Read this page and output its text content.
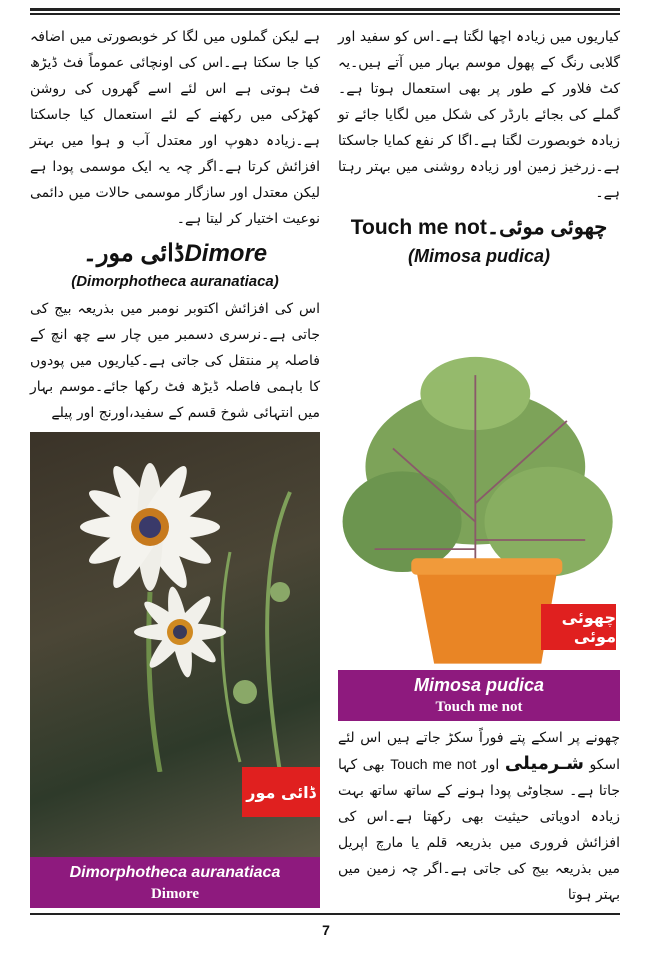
ہے لیکن گملوں میں لگا کر خوبصورتی میں اضافہ کیا جا سکتا ہے۔اس کی اونچائی عموماً فٹ ڈیڑھ فٹ ہوتی ہے اس لئے اسے گھروں کی روشن کھڑکی میں رکھنے کے لئے استعمال کیا جاسکتا ہے۔زیادہ دھوپ اور معتدل آب و ہوا میں بہتر افزائش کرتا ہے۔اگر چہ یہ ایک موسمی پودا ہے لیکن معتدل اور سازگار موسمی حالات میں دائمی نوعیت اختیار کر لیتا ہے۔

ڈائی مور۔Dimore
(Dimorphotheca auranatiaca)

اس کی افزائش اکتوبر نومبر میں بذریعہ بیج کی جاتی ہے۔نرسری دسمبر میں چار سے چھ انچ کے فاصلہ پر منتقل کی جاتی ہے۔کیاریوں میں پودوں کا باہمی فاصلہ ڈیڑھ فٹ رکھا جائے۔موسم بہار میں انتہائی شوخ قسم کے سفید،اورنج اور پیلے

ڈائی مور
Dimorphotheca auranatiaca
Dimore

کیاریوں میں زیادہ اچھا لگتا ہے۔اس کو سفید اور گلابی رنگ کے پھول موسم بہار میں آتے ہیں۔یہ کٹ فلاور کے طور پر بھی استعمال ہوتا ہے۔گملے کی بجائے بارڈر کی شکل میں لگایا جائے تو زیادہ خوبصورت لگتا ہے۔اگا کر نفع کمایا جاسکتا ہے۔زرخیز زمین اور زیادہ روشنی میں بہتر رہتا ہے۔

Touch me notچھوئی موئی۔
(Mimosa pudica)
چھوئی موئی
Mimosa pudica
Touch me not

چھونے پر اسکے پتے فوراً سکڑ جاتے ہیں اس لئے اسکو شـرمیلی اور Touch me not بھی کہا جاتا ہے۔ سجاوٹی پودا ہونے کے ساتھ ساتھ بہت زیادہ ادویاتی حیثیت بھی رکھتا ہے۔اس کی افزائش فروری میں بذریعہ قلم یا مارچ اپریل میں بذریعہ بیج کی جاتی ہے۔اگر چہ زمین میں بہتر ہوتا

7
